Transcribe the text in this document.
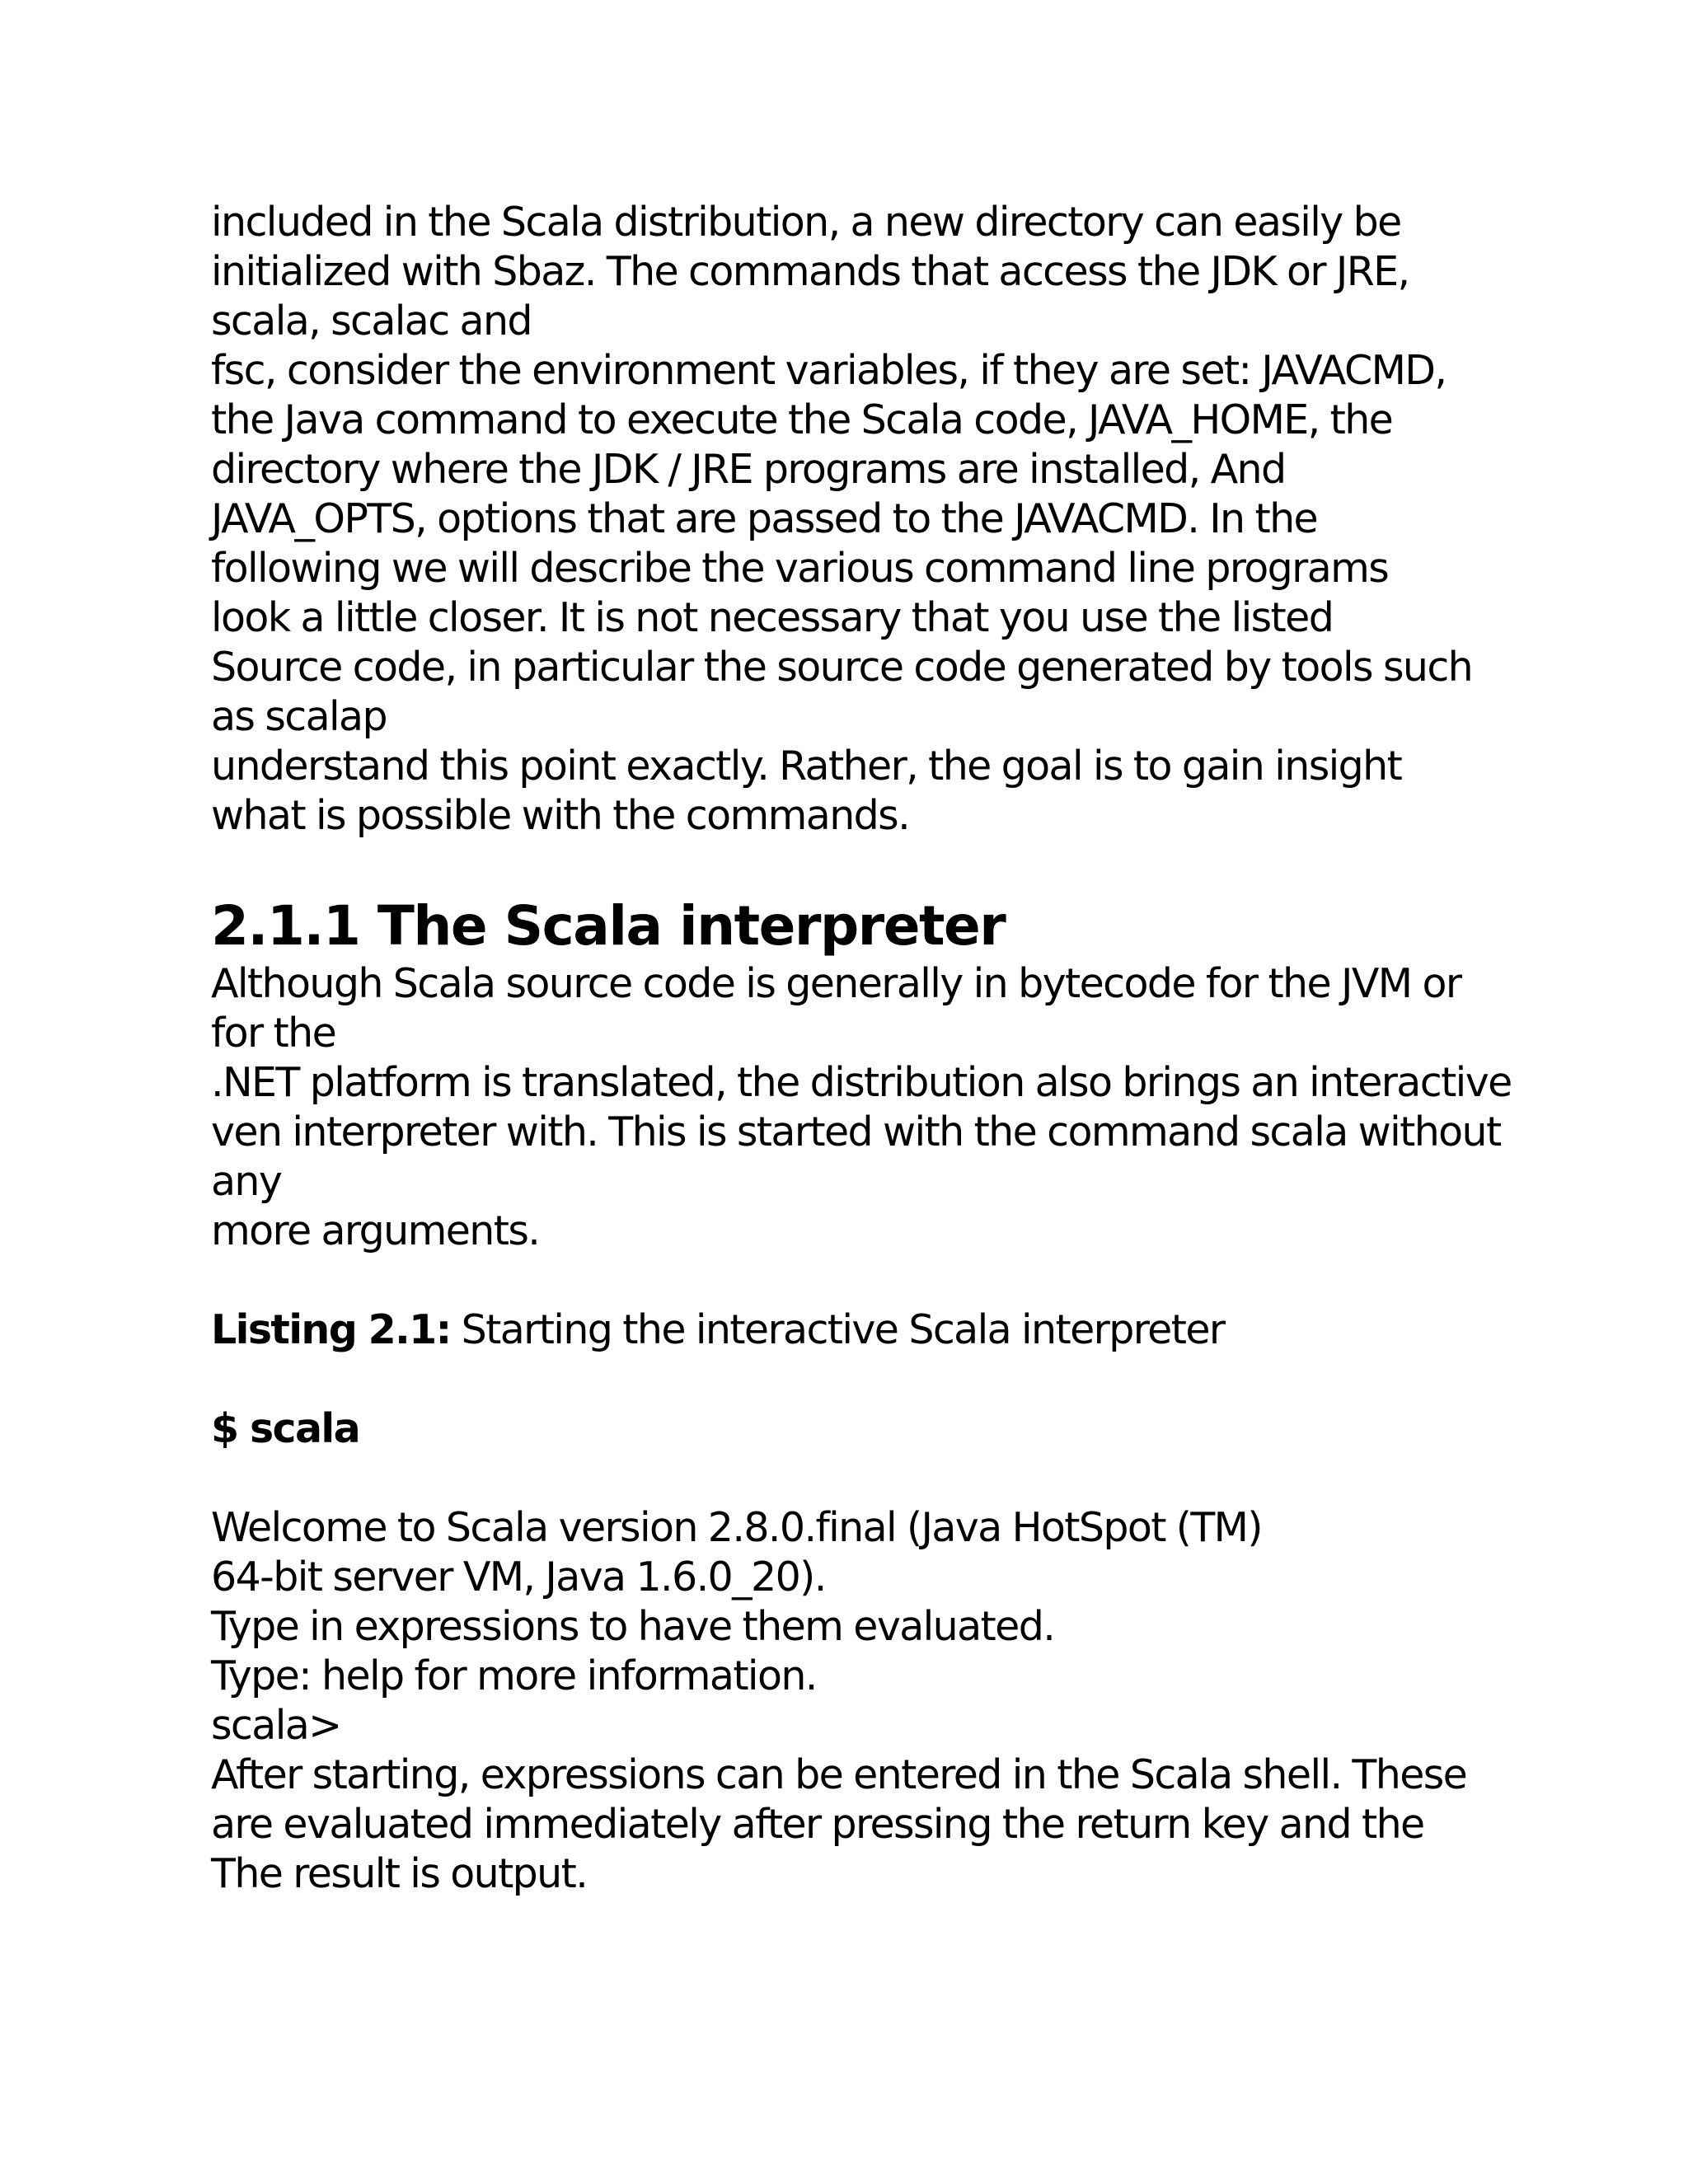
included in the Scala distribution, a new directory can easily be
initialized with Sbaz. The commands that access the JDK or JRE,
scala, scalac and
fsc, consider the environment variables, if they are set: JAVACMD,
the Java command to execute the Scala code, JAVA_HOME, the
directory where the JDK / JRE programs are installed, And
JAVA_OPTS, options that are passed to the JAVACMD. In the
following we will describe the various command line programs
look a little closer. It is not necessary that you use the listed
Source code, in particular the source code generated by tools such
as scalap
understand this point exactly. Rather, the goal is to gain insight
what is possible with the commands.
2.1.1 The Scala interpreter
Although Scala source code is generally in bytecode for the JVM or
for the
.NET platform is translated, the distribution also brings an interactive
ven interpreter with. This is started with the command scala without
any
more arguments.
Listing 2.1: Starting the interactive Scala interpreter
$ scala
Welcome to Scala version 2.8.0.final (Java HotSpot (TM)
64-bit server VM, Java 1.6.0_20).
Type in expressions to have them evaluated.
Type: help for more information.
scala>
After starting, expressions can be entered in the Scala shell. These
are evaluated immediately after pressing the return key and the
The result is output.
